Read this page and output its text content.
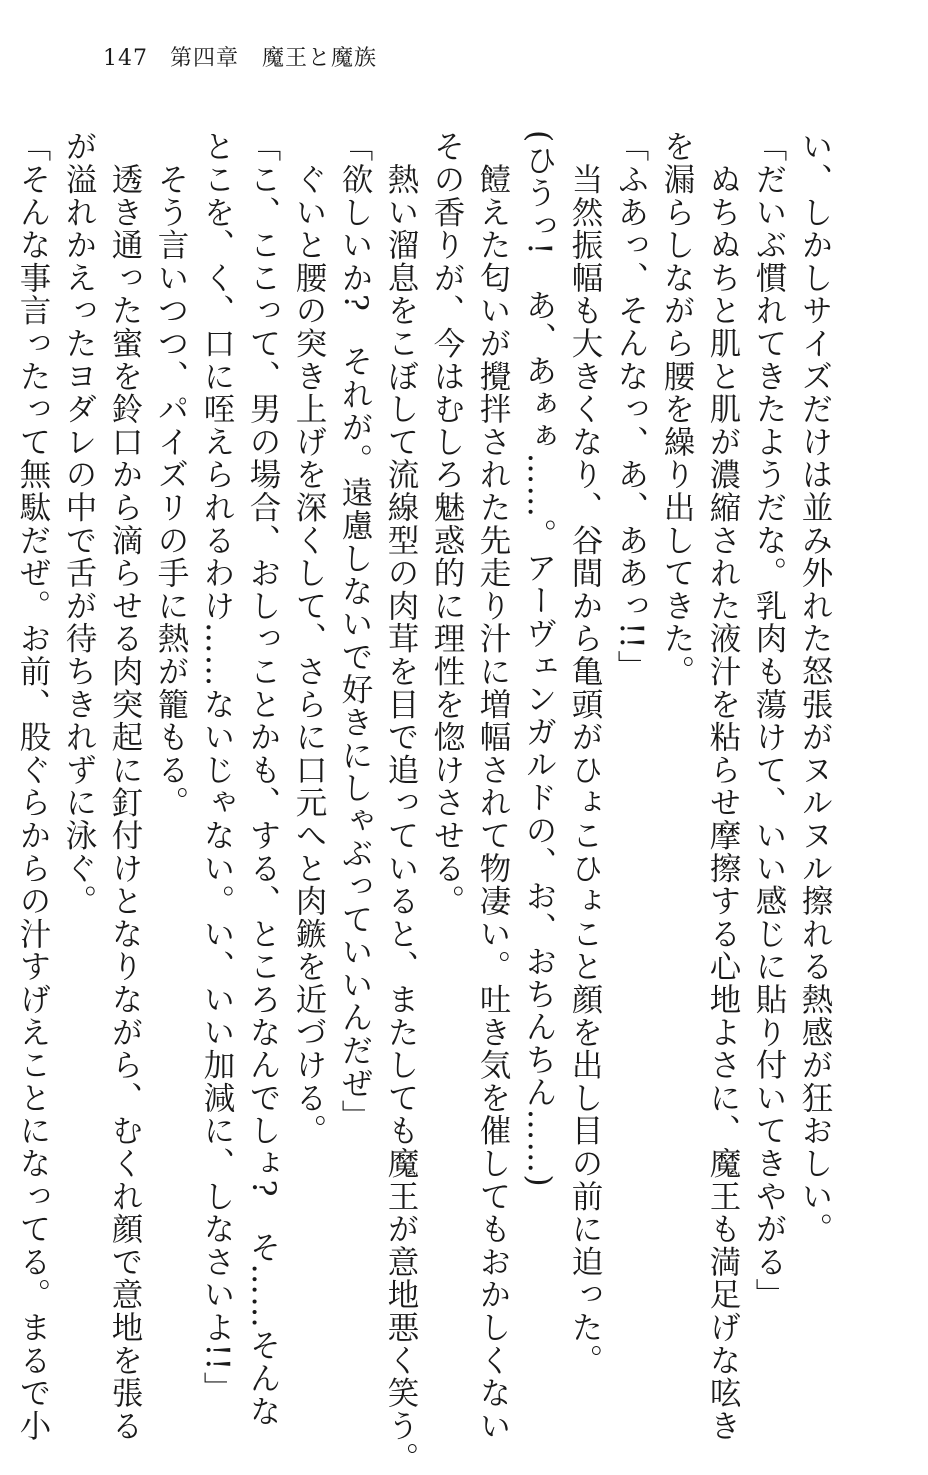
147 第四章　 魔王と魔族

い、しかしサイズだけは並み外れた怒張がヌルヌル擦れる熱感が狂おしい。

「だいぶ慣れてきたようだな。乳肉も蕩けて、いい感じに貼り付いてきやがる」

　ぬちぬちと肌と肌が濃縮された液汁を粘らせ摩擦する心地よさに、魔王も満足げな呟き

を漏らしながら腰を繰り出してきた。

「ふあっ、そんなっ、あ、ああっ!!」

　当然振幅も大きくなり、谷間から亀頭がひょこひょこと顔を出し目の前に迫った。

(ひうっ!　あ、あぁぁ……。アーヴェンガルドの、お、おちんちん……)

　饐えた匂いが攪拌された先走り汁に増幅されて物凄い。吐き気を催してもおかしくない

その香りが、今はむしろ魅惑的に理性を惚けさせる。

　熱い溜息をこぼして流線型の肉茸を目で追っていると、またしても魔王が意地悪く笑う。

「欲しいか?　それが。遠慮しないで好きにしゃぶっていいんだぜ」

　ぐいと腰の突き上げを深くして、さらに口元へと肉鏃を近づける。

「こ、ここって、男の場合、おしっことかも、する、ところなんでしょ?　そ……そんな

とこを、く、口に咥えられるわけ……ないじゃない。い、いい加減に、しなさいよ!!」

　そう言いつつ、パイズリの手に熱が籠もる。

　透き通った蜜を鈴口から滴らせる肉突起に釘付けとなりながら、むくれ顔で意地を張る

が溢れかえったヨダレの中で舌が待ちきれずに泳ぐ。

「そんな事言ったって無駄だぜ。お前、股ぐらからの汁すげえことになってる。まるで小
